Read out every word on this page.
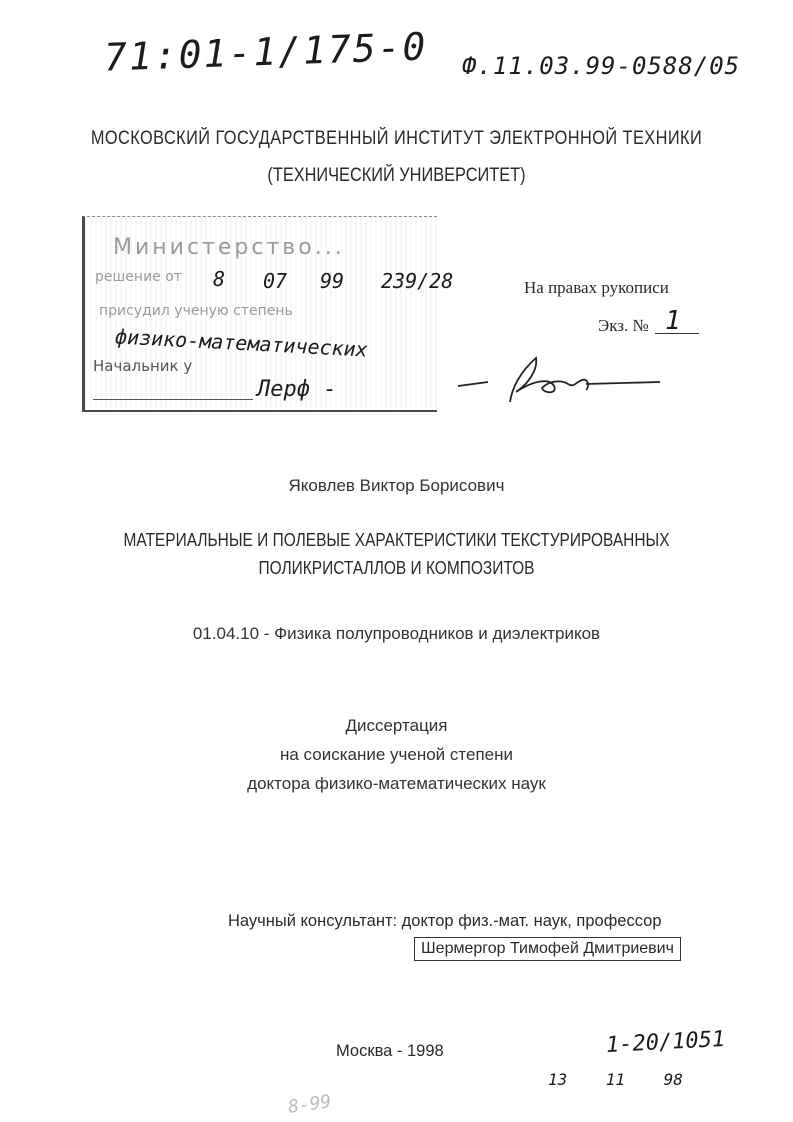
71:01-1/175-0 Ф.11.03.99-0588/05
МОСКОВСКИЙ ГОСУДАРСТВЕННЫЙ ИНСТИТУТ ЭЛЕКТРОННОЙ ТЕХНИКИ
(ТЕХНИЧЕСКИЙ УНИВЕРСИТЕТ)
Министерство...
решение от 8 07 99 239/28
присудил ученую степень
физико-математических
Начальник у
Лерф -
На правах рукописи
Экз. № 1
Яковлев Виктор Борисович
МАТЕРИАЛЬНЫЕ И ПОЛЕВЫЕ ХАРАКТЕРИСТИКИ ТЕКСТУРИРОВАННЫХ
ПОЛИКРИСТАЛЛОВ И КОМПОЗИТОВ
01.04.10 - Физика полупроводников и диэлектриков
Диссертация
на соискание ученой степени
доктора физико-математических наук
Научный консультант: доктор физ.-мат. наук, профессор
Шермергор Тимофей Дмитриевич
Москва - 1998	1-20/1051
13    11    98
8-99
